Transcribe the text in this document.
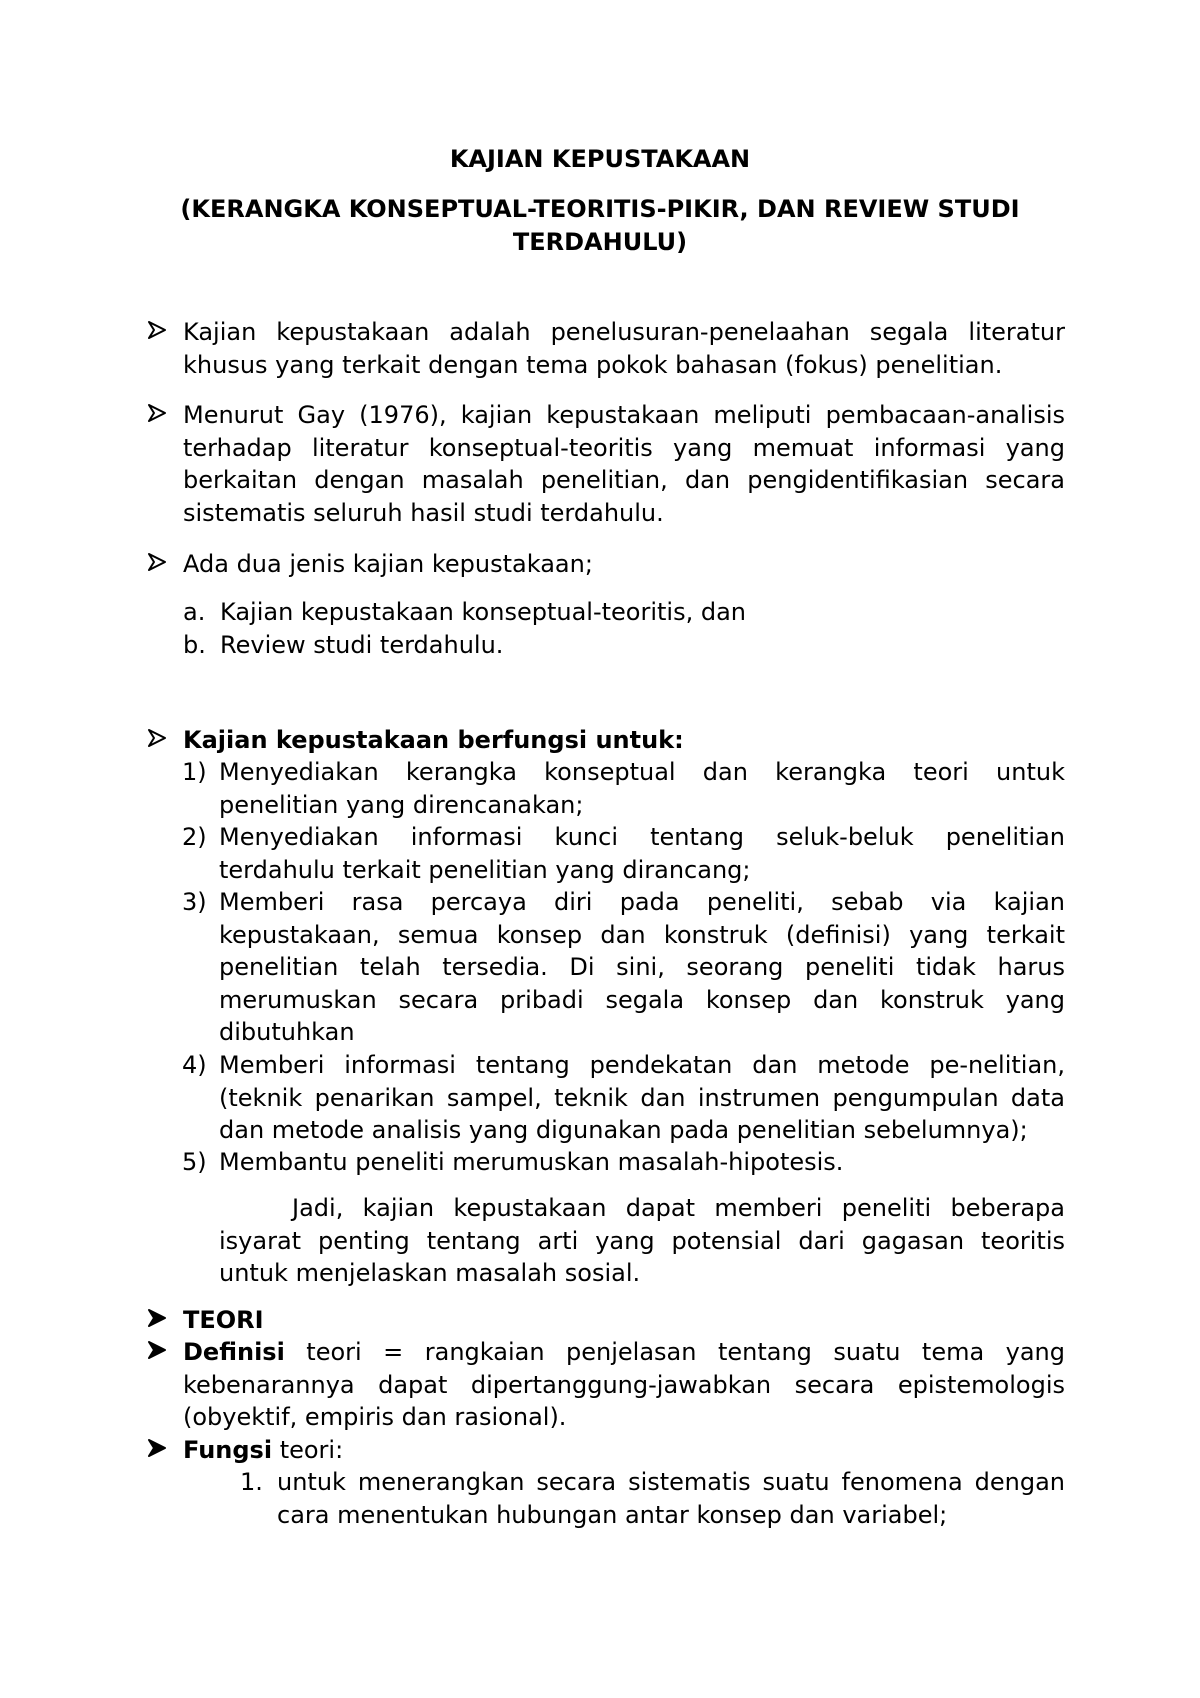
KAJIAN KEPUSTAKAAN
(KERANGKA KONSEPTUAL-TEORITIS-PIKIR, DAN REVIEW STUDI
TERDAHULU)
Kajian kepustakaan adalah penelusuran-penelaahan segala literatur khusus yang terkait dengan tema pokok bahasan (fokus) penelitian.
Menurut Gay (1976), kajian kepustakaan meliputi pembacaan-analisis terhadap literatur konseptual-teoritis yang memuat informasi yang berkaitan dengan masalah penelitian, dan pengidentifikasian secara sistematis seluruh hasil studi terdahulu.
Ada dua jenis kajian kepustakaan;
a. Kajian kepustakaan konseptual-teoritis, dan
b. Review studi terdahulu.
Kajian kepustakaan berfungsi untuk:
1) Menyediakan kerangka konseptual dan kerangka teori untuk penelitian yang direncanakan;
2) Menyediakan informasi kunci tentang seluk-beluk penelitian terdahulu terkait penelitian yang dirancang;
3) Memberi rasa percaya diri pada peneliti, sebab via kajian kepustakaan, semua konsep dan konstruk (definisi) yang terkait penelitian telah tersedia. Di sini, seorang peneliti tidak harus merumuskan secara pribadi segala konsep dan konstruk yang dibutuhkan
4) Memberi informasi tentang pendekatan dan metode pe-nelitian, (teknik penarikan sampel, teknik dan instrumen pengumpulan data dan metode analisis yang digunakan pada penelitian sebelumnya);
5) Membantu peneliti merumuskan masalah-hipotesis.
Jadi, kajian kepustakaan dapat memberi peneliti beberapa isyarat penting tentang arti yang potensial dari gagasan teoritis untuk menjelaskan masalah sosial.
TEORI
Definisi teori = rangkaian penjelasan tentang suatu tema yang kebenarannya dapat dipertanggung-jawabkan secara epistemologis (obyektif, empiris dan rasional).
Fungsi teori:
1. untuk menerangkan secara sistematis suatu fenomena dengan cara menentukan hubungan antar konsep dan variabel;
